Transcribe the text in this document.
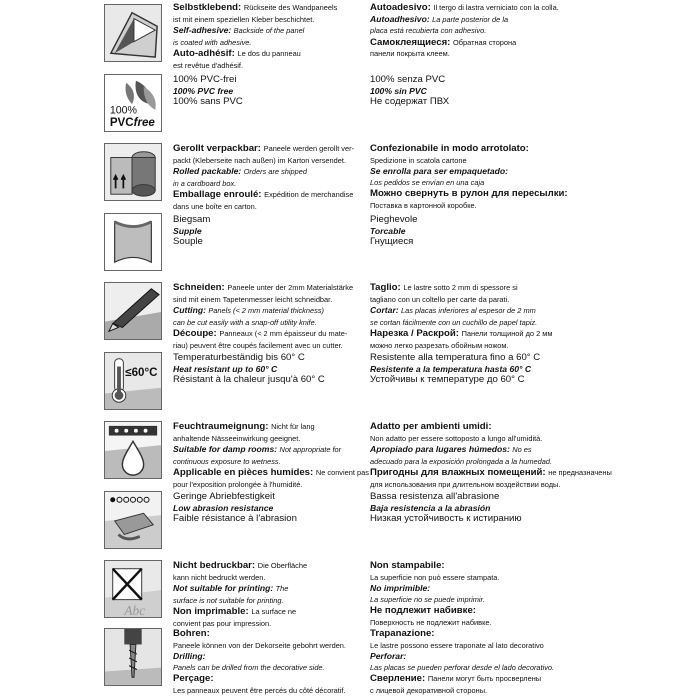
Selbstklebend: Rückseite des Wandpaneels
ist mit einem speziellen Kleber beschichtet.
Self-adhesive: Backside of the panel
is coated with adhesive.
Auto-adhésif: Le dos du panneau
est revêtue d'adhésif.
Autoadesivo: Il tergo di lastra verniciato con la colla.
Autoadhesivo: La parte posterior de la
placa está recubierta con adhesivo.
Самоклеящиеся: Обратная сторона
панели покрыта клеем.
100%
PVCfree
100% PVC-frei
100% PVC free
100% sans PVC
100% senza PVC
100% sin PVC
Не содержат ПВХ
Gerollt verpackbar: Paneele werden gerollt ver-
packt (Kleberseite nach außen) im Karton versendet.
Rolled packable: Orders are shipped
in a cardboard box.
Emballage enroulé: Expédition de merchandise
dans une boîte en carton.
Confezionabile in modo arrotolato:
Spedizione in scatola cartone
Se enrolla para ser empaquetado:
Los pedidos se envían en una caja
Можно свернуть в рулон для пересылки:
Поставка в картонной коробке.
Biegsam
Supple
Souple
Pieghevole
Torcable
Гнущиеся
Schneiden: Paneele unter der 2mm Materialstärke
sind mit einem Tapetenmesser leicht schneidbar.
Cutting: Panels (< 2 mm material thickness)
can be cut easily with a snap-off utility knife.
Découpe: Panneaux (< 2 mm épaisseur du mate-
riau) peuvent être coupés facilement avec un cutter.
Taglio: Le lastre sotto 2 mm di spessore si
tagliano con un coltello per carte da parati.
Cortar: Las placas inferiores al espesor de 2 mm
se cortan fácilmente con un cuchillo de papel tapiz.
Нарезка / Раскрой: Панели толщиной до 2 мм
можно легко разрезать обойным ножом.
≤60°C
Temperaturbeständig bis 60° C
Heat resistant up to 60° C
Résistant à la chaleur jusqu'à 60° C
Resistente alla temperatura fino a 60° C
Resistente a la temperatura hasta 60° C
Устойчивы к температуре до 60° C
Feuchtraumeignung: Nicht für lang
anhaltende Nässeeinwirkung geeignet.
Suitable for damp rooms: Not appropriate for
continuous exposure to wetness.
Applicable en pièces humides: Ne convient pas
pour l'exposition prolongée à l'humidité.
Adatto per ambienti umidi:
Non adatto per essere sottoposto a lungo all'umidità.
Apropiado para lugares húmedos: No es
adecuado para la exposición prolongada a la humedad.
Пригодны для влажных помещений: не предназначены
для использования при длительном воздействии воды.
Geringe Abriebfestigkeit
Low abrasion resistance
Faible résistance à l'abrasion
Bassa resistenza all'abrasione
Baja resistencia a la abrasión
Низкая устойчивость к истиранию
Abc
Nicht bedruckbar: Die Oberfläche
kann nicht bedruckt werden.
Not suitable for printing: The
surface is not suitable for printing.
Non imprimable: La surface ne
convient pas pour impression.
Non stampabile:
La superficie non può essere stampata.
No imprimible:
La superficie no se puede imprimir.
Не подлежит набивке:
Поверхность не подлежит набивке.
Bohren:
Paneele können von der Dekorseite gebohrt werden.
Drilling:
Panels can be drilled from the decorative side.
Perçage:
Les panneaux peuvent être percés du côté décoratif.
Trapanazione:
Le lastre possono essere traponate al lato decorativo
Perforar:
Las placas se pueden perforar desde el lado decorativo.
Сверление: Панели могут быть просверлены
с лицевой декоративной стороны.
